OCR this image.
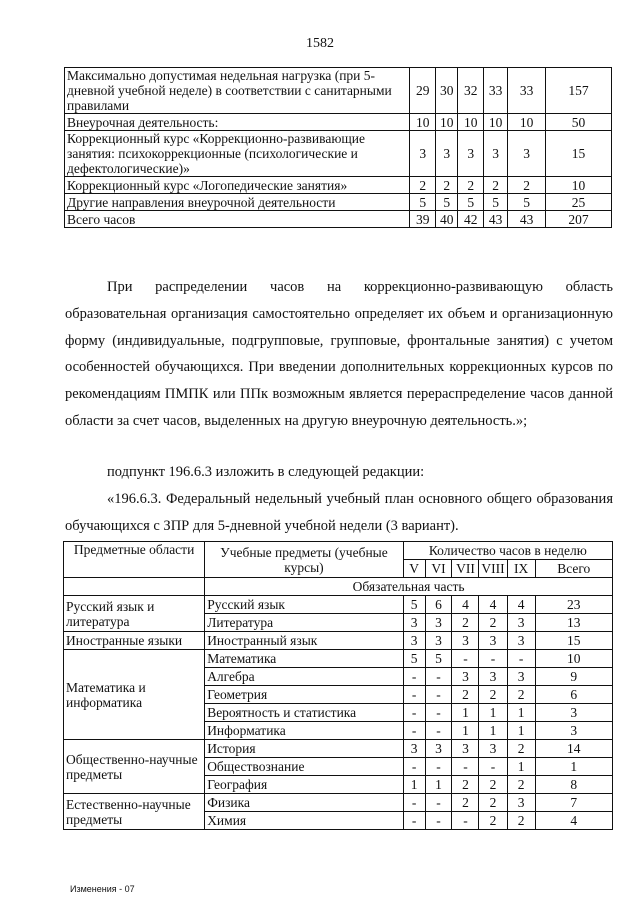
1582
Максимально допустимая недельная нагрузка (при 5-дневной учебной неделе) в соответствии с санитарными правилами	29	30	32	33	33	157
Внеурочная деятельность:	10	10	10	10	10	50
Коррекционный курс «Коррекционно-развивающие занятия: психокоррекционные (психологические и дефектологические)»	3	3	3	3	3	15
Коррекционный курс «Логопедические занятия»	2	2	2	2	2	10
Другие направления внеурочной деятельности	5	5	5	5	5	25
Всего часов	39	40	42	43	43	207
При распределении часов на коррекционно-развивающую область образовательная организация самостоятельно определяет их объем и организационную форму (индивидуальные, подгрупповые, групповые, фронтальные занятия) с учетом особенностей обучающихся. При введении дополнительных коррекционных курсов по рекомендациям ПМПК или ППк возможным является перераспределение часов данной области за счет часов, выделенных на другую внеурочную деятельность.»;
подпункт 196.6.3 изложить в следующей редакции:
«196.6.3. Федеральный недельный учебный план основного общего образования обучающихся с ЗПР для 5-дневной учебной недели (3 вариант).
Предметные области	Учебные предметы (учебные курсы)	Количество часов в неделю					
		V	VI	VII	VIII	IX	Всего
	Обязательная часть						
Русский язык и литература	Русский язык	5	6	4	4	4	23
	Литература	3	3	2	2	3	13
Иностранные языки	Иностранный язык	3	3	3	3	3	15
Математика и информатика	Математика	5	5	-	-	-	10
	Алгебра	-	-	3	3	3	9
	Геометрия	-	-	2	2	2	6
	Вероятность и статистика	-	-	1	1	1	3
	Информатика	-	-	1	1	1	3
Общественно-научные предметы	История	3	3	3	3	2	14
	Обществознание	-	-	-	-	1	1
	География	1	1	2	2	2	8
Естественно-научные предметы	Физика	-	-	2	2	3	7
	Химия	-	-	-	2	2	4
Изменения - 07
